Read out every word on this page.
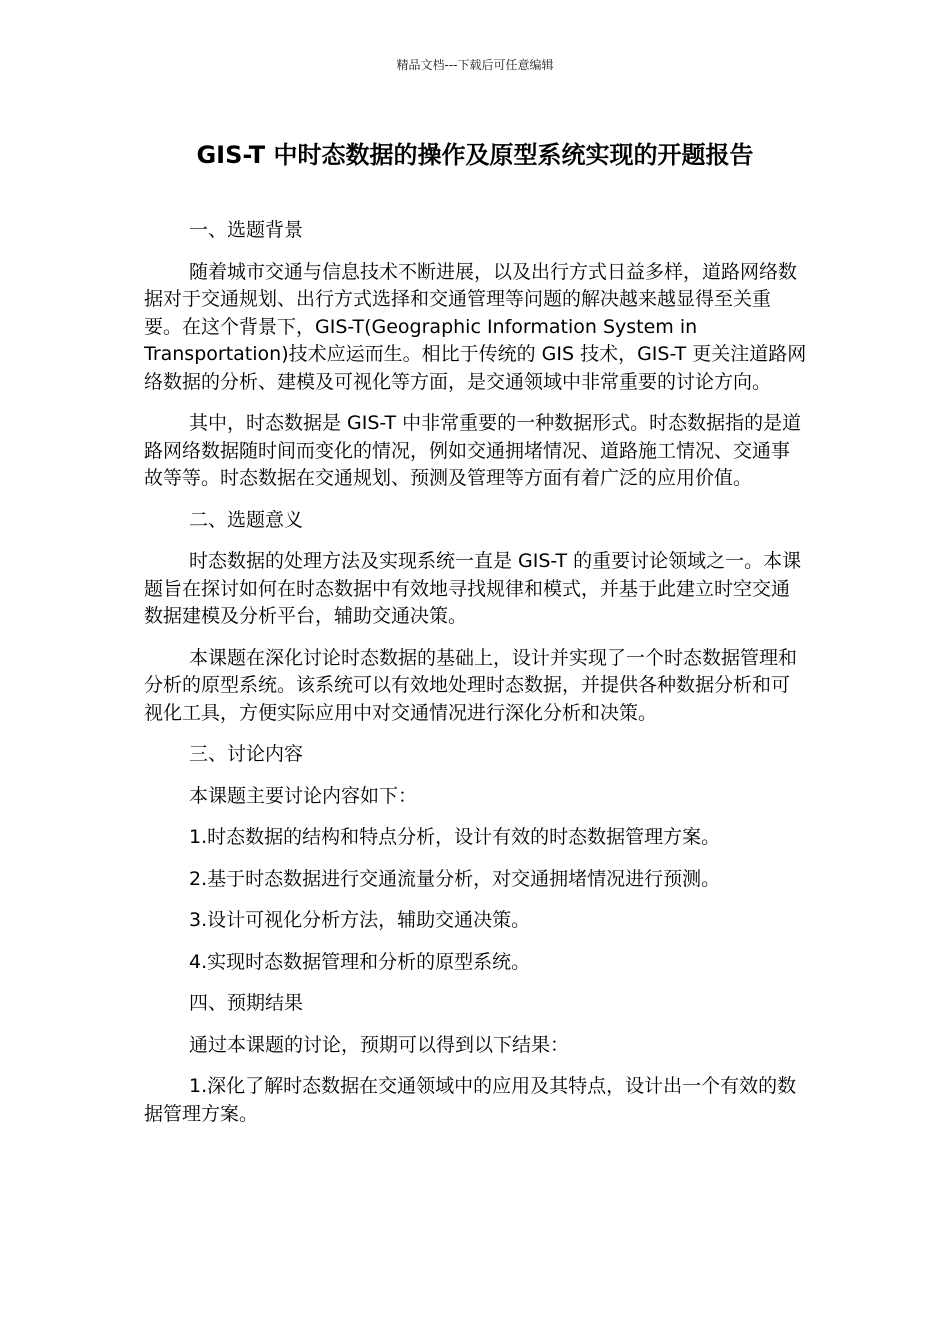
精品文档---下载后可任意编辑
GIS-T 中时态数据的操作及原型系统实现的开题报告

一、选题背景

随着城市交通与信息技术不断进展，以及出行方式日益多样，道路网络数据对于交通规划、出行方式选择和交通管理等问题的解决越来越显得至关重要。在这个背景下，GIS-T(Geographic Information System in Transportation)技术应运而生。相比于传统的 GIS 技术，GIS-T 更关注道路网络数据的分析、建模及可视化等方面，是交通领域中非常重要的讨论方向。

其中，时态数据是 GIS-T 中非常重要的一种数据形式。时态数据指的是道路网络数据随时间而变化的情况，例如交通拥堵情况、道路施工情况、交通事故等等。时态数据在交通规划、预测及管理等方面有着广泛的应用价值。

二、选题意义

时态数据的处理方法及实现系统一直是 GIS-T 的重要讨论领域之一。本课题旨在探讨如何在时态数据中有效地寻找规律和模式，并基于此建立时空交通数据建模及分析平台，辅助交通决策。

本课题在深化讨论时态数据的基础上，设计并实现了一个时态数据管理和分析的原型系统。该系统可以有效地处理时态数据，并提供各种数据分析和可视化工具，方便实际应用中对交通情况进行深化分析和决策。

三、讨论内容

本课题主要讨论内容如下：

1.时态数据的结构和特点分析，设计有效的时态数据管理方案。

2.基于时态数据进行交通流量分析，对交通拥堵情况进行预测。

3.设计可视化分析方法，辅助交通决策。

4.实现时态数据管理和分析的原型系统。

四、预期结果

通过本课题的讨论，预期可以得到以下结果：

1.深化了解时态数据在交通领域中的应用及其特点，设计出一个有效的数据管理方案。
